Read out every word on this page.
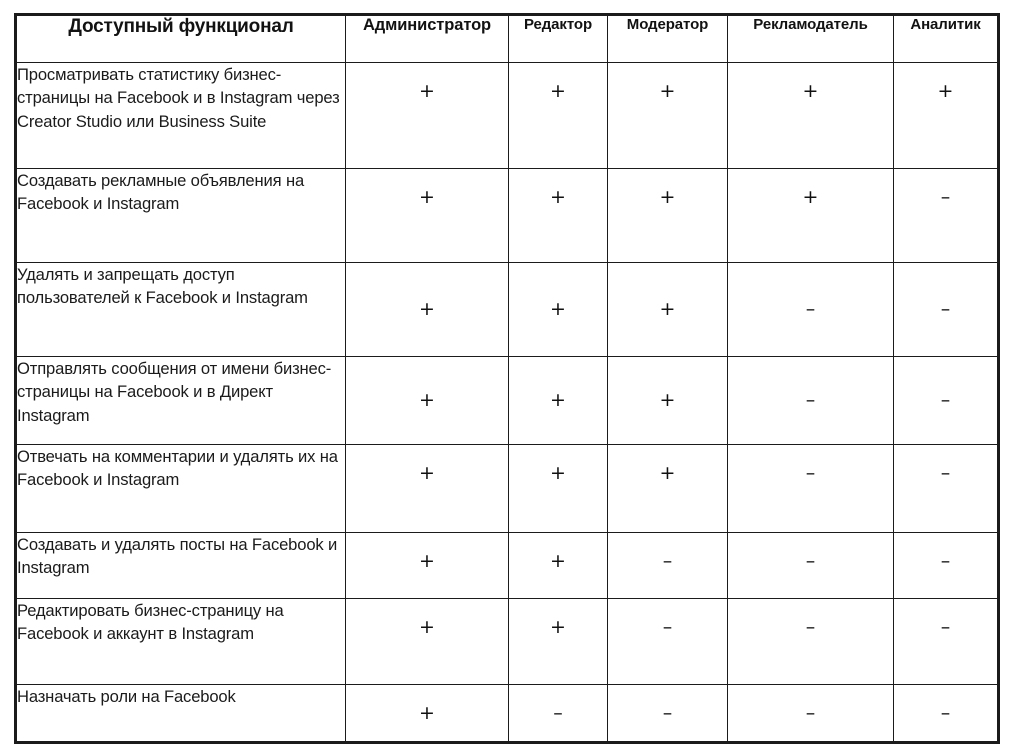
Доступный функционал	Администратор	Редактор	Модератор	Рекламодатель	Аналитик
Просматривать статистику бизнес-страницы на Facebook и в Instagram через Creator Studio или Business Suite	+	+	+	+	+

Создавать рекламные объявления на Facebook и Instagram	+	+	+	+	–

Удалять и запрещать доступ пользователей к Facebook и Instagram	+	+	+	–	–

Отправлять сообщения от имени бизнес-страницы на Facebook и в Директ Instagram	+	+	+	–	–

Отвечать на комментарии и удалять их на Facebook и Instagram	+	+	+	–	–

Создавать и удалять посты на Facebook и Instagram	+	+	–	–	–

Редактировать бизнес-страницу на Facebook и аккаунт в Instagram	+	+	–	–	–

Назначать роли на Facebook	+	–	–	–	–
